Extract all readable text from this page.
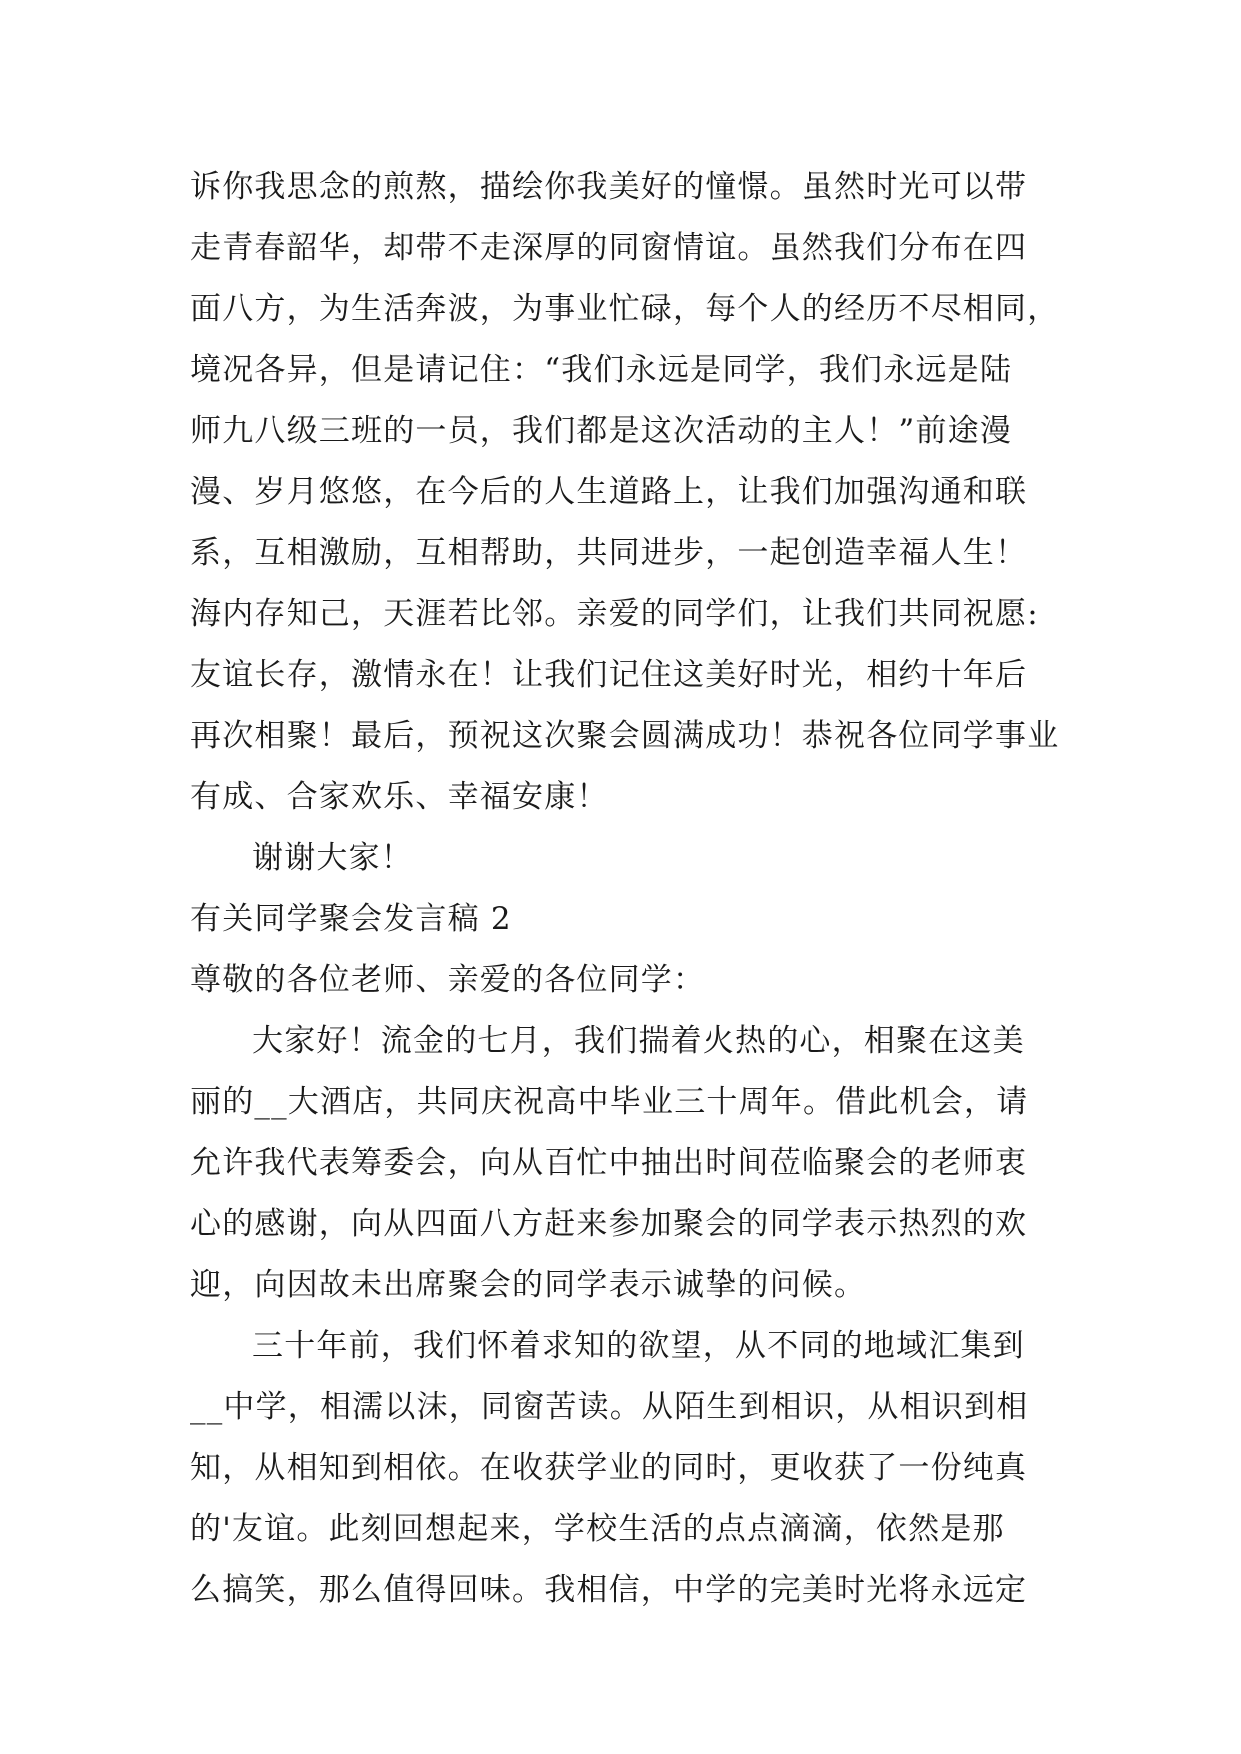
诉你我思念的煎熬，描绘你我美好的憧憬。虽然时光可以带
走青春韶华，却带不走深厚的同窗情谊。虽然我们分布在四
面八方，为生活奔波，为事业忙碌，每个人的经历不尽相同，
境况各异，但是请记住：“我们永远是同学，我们永远是陆
师九八级三班的一员，我们都是这次活动的主人！”前途漫
漫、岁月悠悠，在今后的人生道路上，让我们加强沟通和联
系，互相激励，互相帮助，共同进步，一起创造幸福人生！
海内存知己，天涯若比邻。亲爱的同学们，让我们共同祝愿:
友谊长存，激情永在！让我们记住这美好时光，相约十年后
再次相聚！最后，预祝这次聚会圆满成功！恭祝各位同学事业
有成、合家欢乐、幸福安康！
谢谢大家！
有关同学聚会发言稿 2
尊敬的各位老师、亲爱的各位同学：
大家好！流金的七月，我们揣着火热的心，相聚在这美
丽的__大酒店，共同庆祝高中毕业三十周年。借此机会，请
允许我代表筹委会，向从百忙中抽出时间莅临聚会的老师衷
心的感谢，向从四面八方赶来参加聚会的同学表示热烈的欢
迎，向因故未出席聚会的同学表示诚挚的问候。
三十年前，我们怀着求知的欲望，从不同的地域汇集到
__中学，相濡以沫，同窗苦读。从陌生到相识，从相识到相
知，从相知到相依。在收获学业的同时，更收获了一份纯真
的'友谊。此刻回想起来，学校生活的点点滴滴，依然是那
么搞笑，那么值得回味。我相信，中学的完美时光将永远定
